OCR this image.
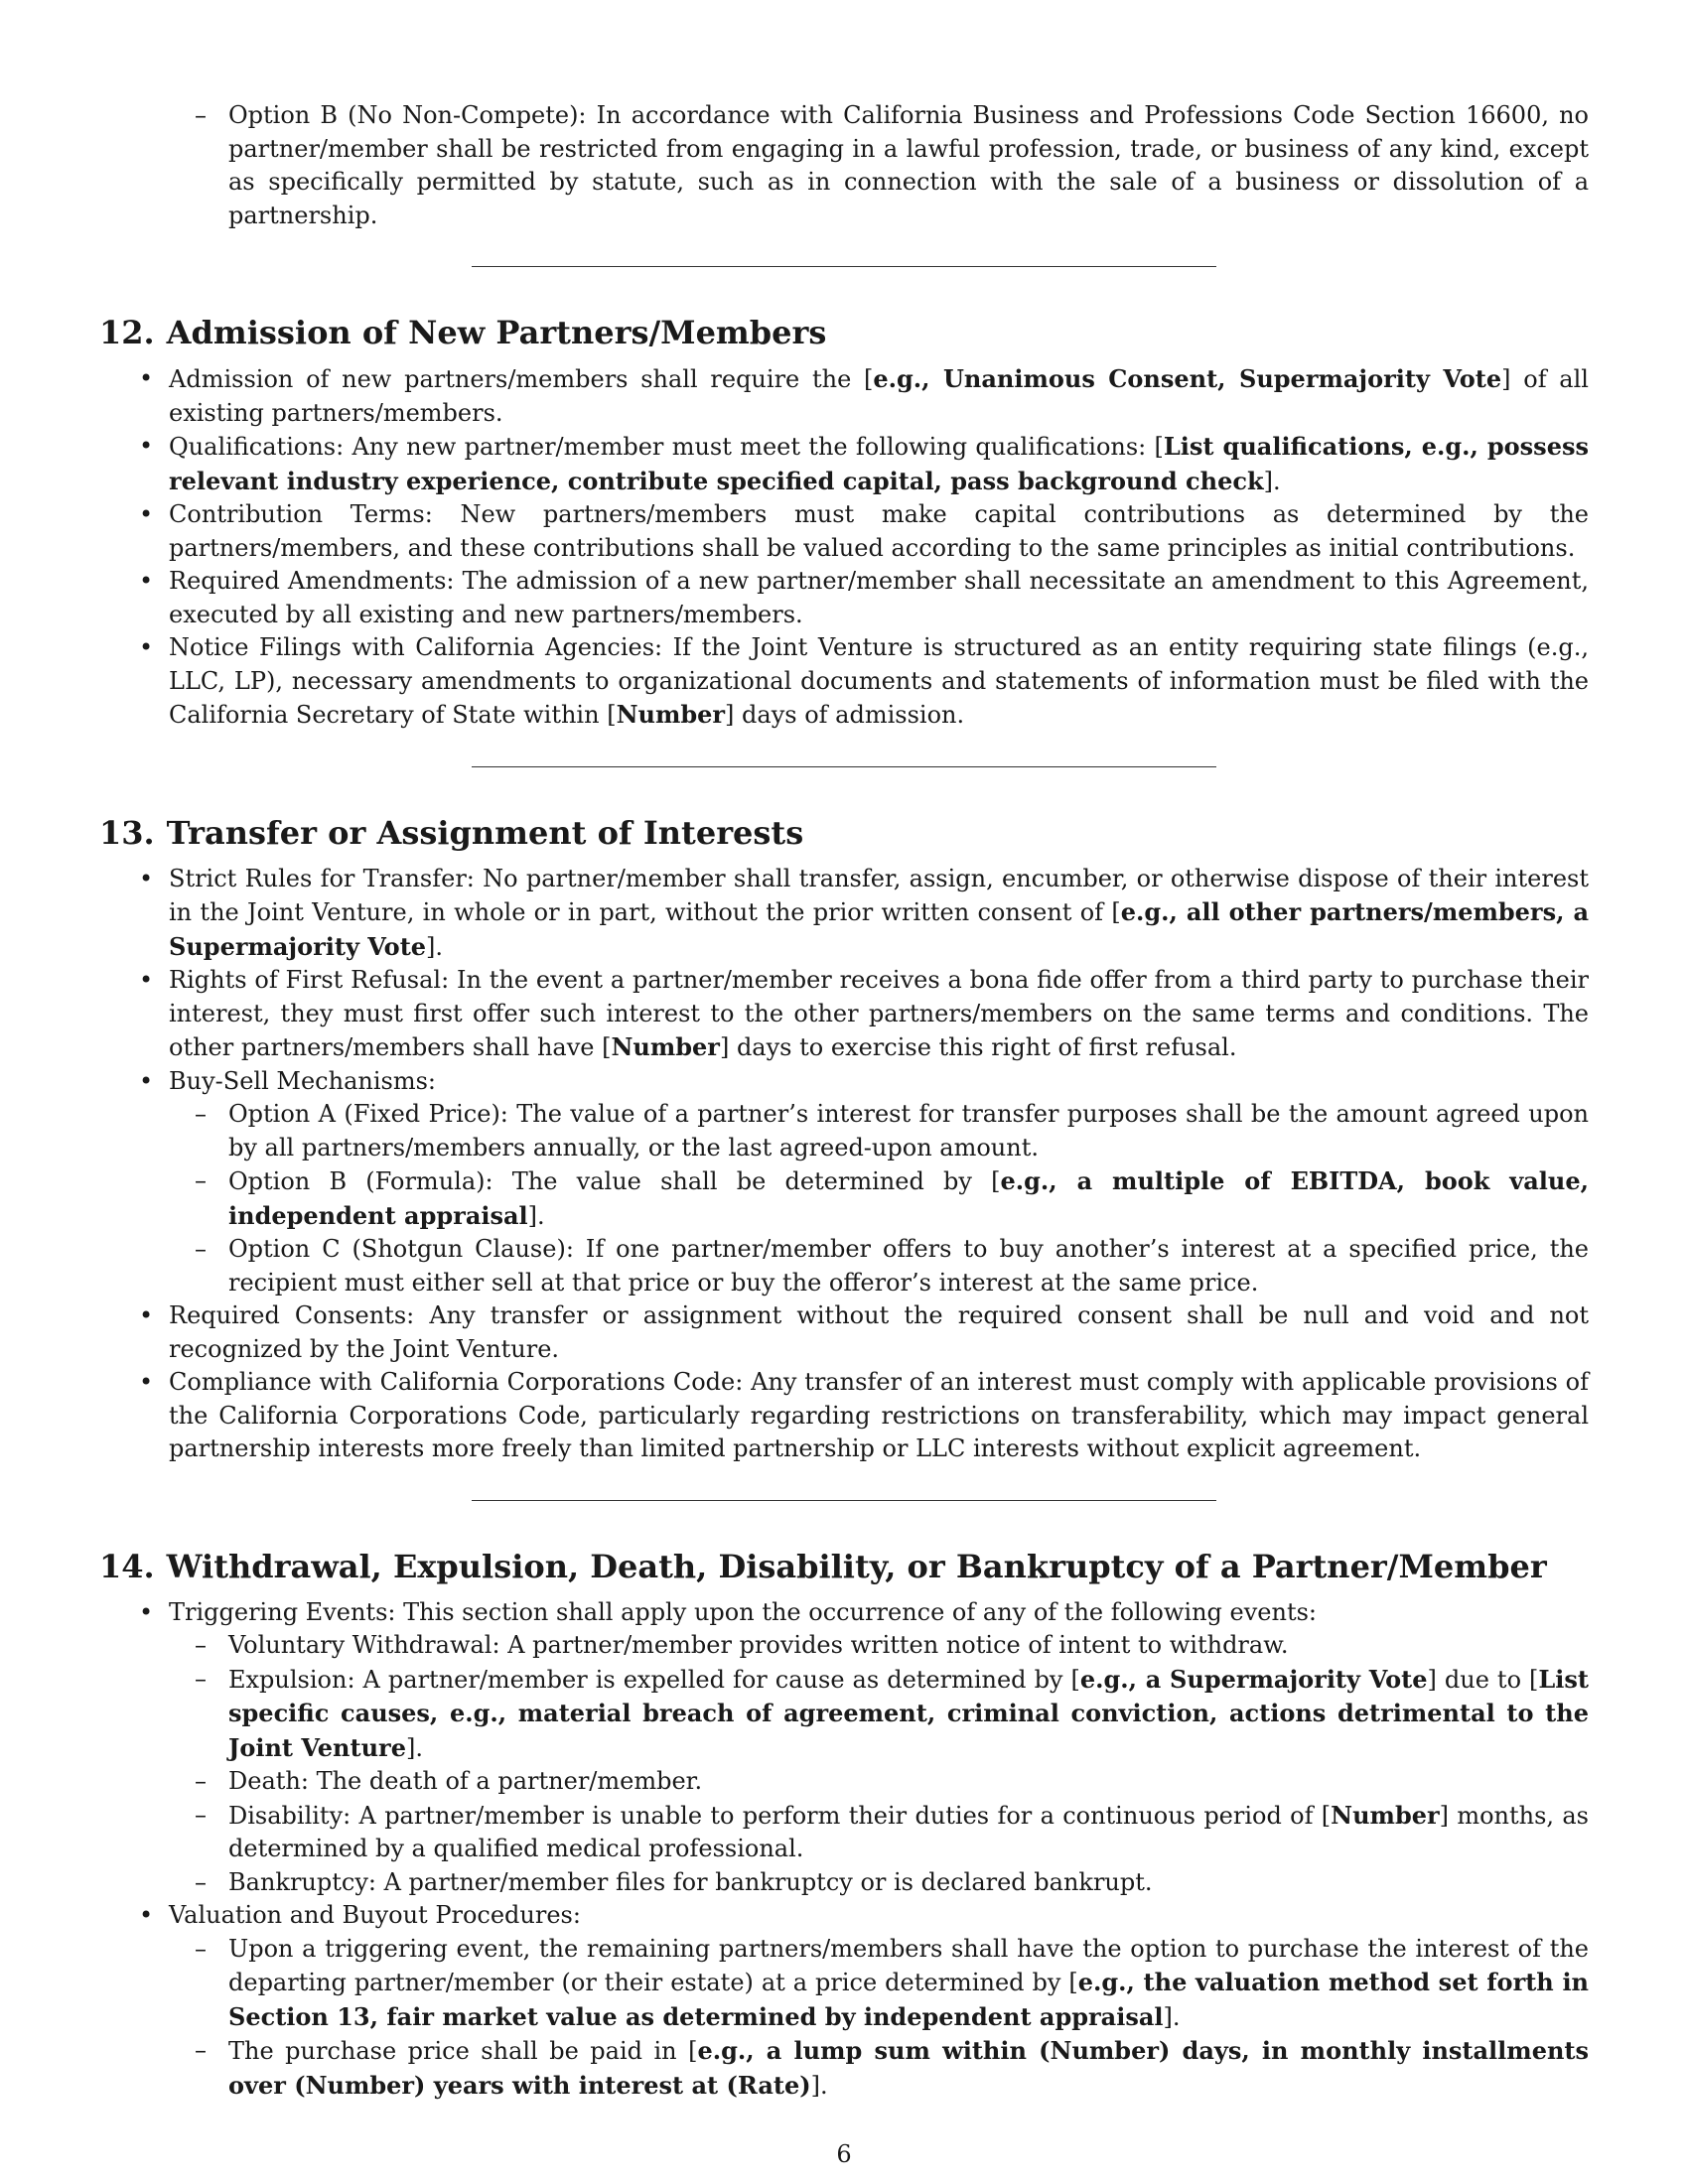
– Option B (No Non-Compete): In accordance with California Business and Professions Code Section 16600, no partner/member shall be restricted from engaging in a lawful profession, trade, or business of any kind, except as specifically permitted by statute, such as in connection with the sale of a business or dissolution of a partnership.
12. Admission of New Partners/Members
• Admission of new partners/members shall require the [e.g., Unanimous Consent, Supermajority Vote] of all existing partners/members.
• Qualifications: Any new partner/member must meet the following qualifications: [List qualifications, e.g., possess relevant industry experience, contribute specified capital, pass background check].
• Contribution Terms: New partners/members must make capital contributions as determined by the partners/members, and these contributions shall be valued according to the same principles as initial contributions.
• Required Amendments: The admission of a new partner/member shall necessitate an amendment to this Agreement, executed by all existing and new partners/members.
• Notice Filings with California Agencies: If the Joint Venture is structured as an entity requiring state filings (e.g., LLC, LP), necessary amendments to organizational documents and statements of information must be filed with the California Secretary of State within [Number] days of admission.
13. Transfer or Assignment of Interests
• Strict Rules for Transfer: No partner/member shall transfer, assign, encumber, or otherwise dispose of their interest in the Joint Venture, in whole or in part, without the prior written consent of [e.g., all other partners/members, a Supermajority Vote].
• Rights of First Refusal: In the event a partner/member receives a bona fide offer from a third party to purchase their interest, they must first offer such interest to the other partners/members on the same terms and conditions. The other partners/members shall have [Number] days to exercise this right of first refusal.
• Buy-Sell Mechanisms:
– Option A (Fixed Price): The value of a partner’s interest for transfer purposes shall be the amount agreed upon by all partners/members annually, or the last agreed-upon amount.
– Option B (Formula): The value shall be determined by [e.g., a multiple of EBITDA, book value, independent appraisal].
– Option C (Shotgun Clause): If one partner/member offers to buy another’s interest at a specified price, the recipient must either sell at that price or buy the offeror’s interest at the same price.
• Required Consents: Any transfer or assignment without the required consent shall be null and void and not recognized by the Joint Venture.
• Compliance with California Corporations Code: Any transfer of an interest must comply with applicable provisions of the California Corporations Code, particularly regarding restrictions on transferability, which may impact general partnership interests more freely than limited partnership or LLC interests without explicit agreement.
14. Withdrawal, Expulsion, Death, Disability, or Bankruptcy of a Partner/Member
• Triggering Events: This section shall apply upon the occurrence of any of the following events:
– Voluntary Withdrawal: A partner/member provides written notice of intent to withdraw.
– Expulsion: A partner/member is expelled for cause as determined by [e.g., a Supermajority Vote] due to [List specific causes, e.g., material breach of agreement, criminal conviction, actions detrimental to the Joint Venture].
– Death: The death of a partner/member.
– Disability: A partner/member is unable to perform their duties for a continuous period of [Number] months, as determined by a qualified medical professional.
– Bankruptcy: A partner/member files for bankruptcy or is declared bankrupt.
• Valuation and Buyout Procedures:
– Upon a triggering event, the remaining partners/members shall have the option to purchase the interest of the departing partner/member (or their estate) at a price determined by [e.g., the valuation method set forth in Section 13, fair market value as determined by independent appraisal].
– The purchase price shall be paid in [e.g., a lump sum within (Number) days, in monthly installments over (Number) years with interest at (Rate)].
6
